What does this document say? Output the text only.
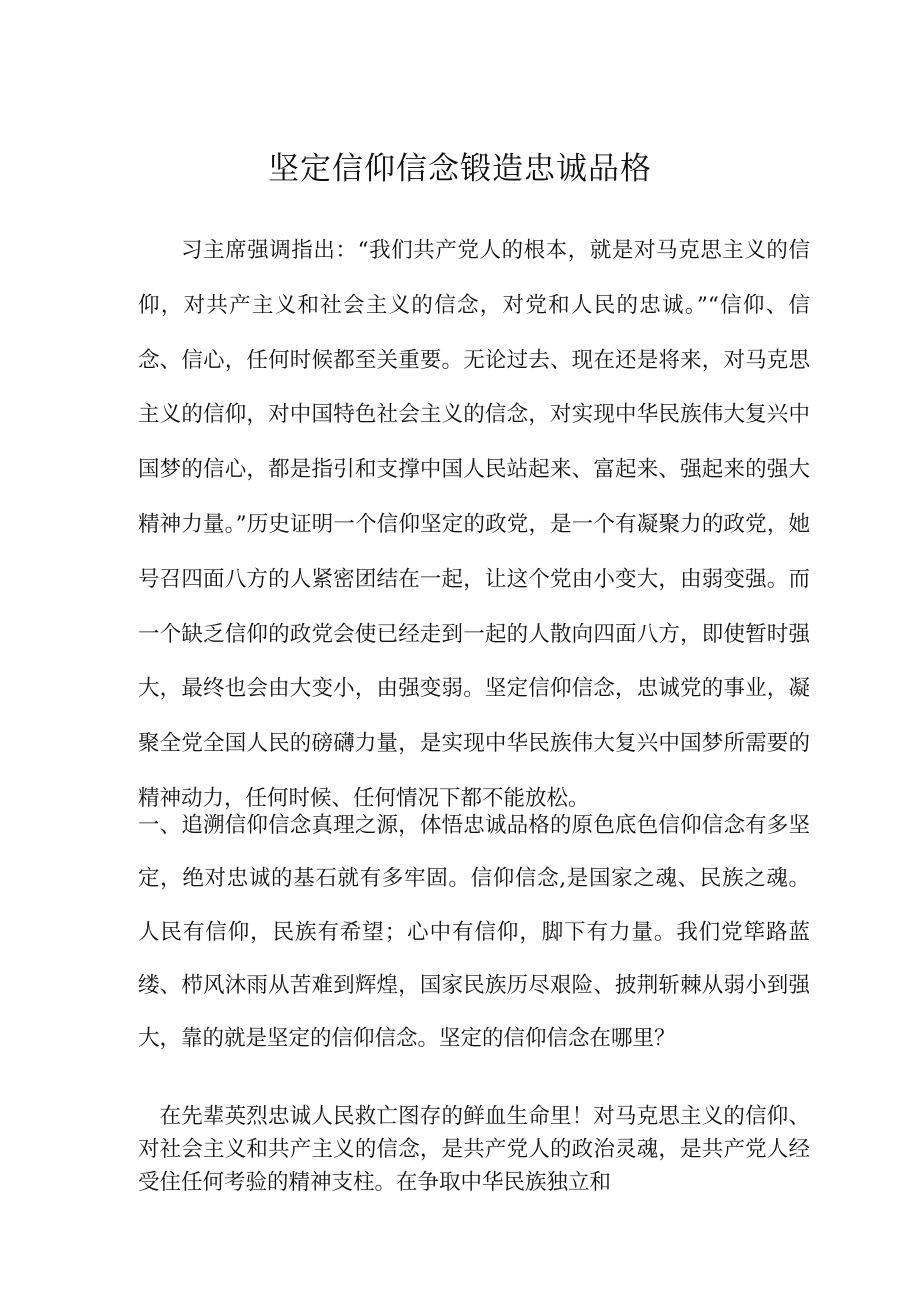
坚定信仰信念锻造忠诚品格

习主席强调指出：“我们共产党人的根本，就是对马克思主义的信仰，对共产主义和社会主义的信念，对党和人民的忠诚。”“信仰、信念、信心，任何时候都至关重要。无论过去、现在还是将来，对马克思主义的信仰，对中国特色社会主义的信念，对实现中华民族伟大复兴中国梦的信心，都是指引和支撑中国人民站起来、富起来、强起来的强大精神力量。”历史证明一个信仰坚定的政党，是一个有凝聚力的政党，她号召四面八方的人紧密团结在一起，让这个党由小变大，由弱变强。而一个缺乏信仰的政党会使已经走到一起的人散向四面八方，即使暂时强大，最终也会由大变小，由强变弱。坚定信仰信念，忠诚党的事业，凝聚全党全国人民的磅礴力量，是实现中华民族伟大复兴中国梦所需要的精神动力，任何时候、任何情况下都不能放松。

一、追溯信仰信念真理之源，体悟忠诚品格的原色底色信仰信念有多坚定，绝对忠诚的基石就有多牢固。信仰信念,是国家之魂、民族之魂。人民有信仰，民族有希望；心中有信仰，脚下有力量。我们党筚路蓝缕、栉风沐雨从苦难到辉煌，国家民族历尽艰险、披荆斩棘从弱小到强大，靠的就是坚定的信仰信念。坚定的信仰信念在哪里？

在先辈英烈忠诚人民救亡图存的鲜血生命里！对马克思主义的信仰、对社会主义和共产主义的信念，是共产党人的政治灵魂，是共产党人经受住任何考验的精神支柱。在争取中华民族独立和
